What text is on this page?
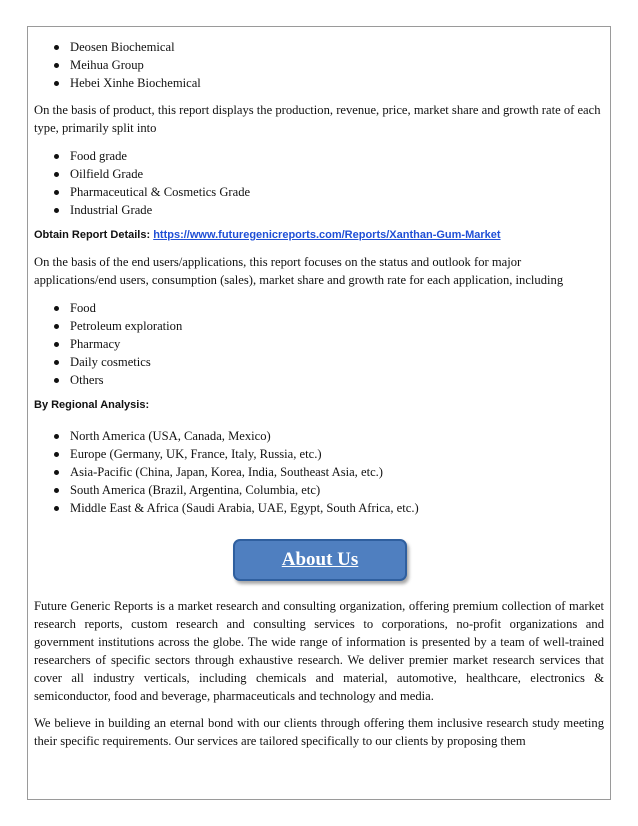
Deosen Biochemical
Meihua Group
Hebei Xinhe Biochemical

On the basis of product, this report displays the production, revenue, price, market share and growth rate of each type, primarily split into

Food grade
Oilfield Grade
Pharmaceutical & Cosmetics Grade
Industrial Grade

Obtain Report Details: https://www.futuregenicreports.com/Reports/Xanthan-Gum-Market

On the basis of the end users/applications, this report focuses on the status and outlook for major applications/end users, consumption (sales), market share and growth rate for each application, including

Food
Petroleum exploration
Pharmacy
Daily cosmetics
Others

By Regional Analysis:

North America (USA, Canada, Mexico)
Europe (Germany, UK, France, Italy, Russia, etc.)
Asia-Pacific (China, Japan, Korea, India, Southeast Asia, etc.)
South America (Brazil, Argentina, Columbia, etc)
Middle East & Africa (Saudi Arabia, UAE, Egypt, South Africa, etc.)
About Us

Future Generic Reports is a market research and consulting organization, offering premium collection of market research reports, custom research and consulting services to corporations, no-profit organizations and government institutions across the globe. The wide range of information is presented by a team of well-trained researchers of specific sectors through exhaustive research. We deliver premier market research services that cover all industry verticals, including chemicals and material, automotive, healthcare, electronics & semiconductor, food and beverage, pharmaceuticals and technology and media.

We believe in building an eternal bond with our clients through offering them inclusive research study meeting their specific requirements. Our services are tailored specifically to our clients by proposing them
